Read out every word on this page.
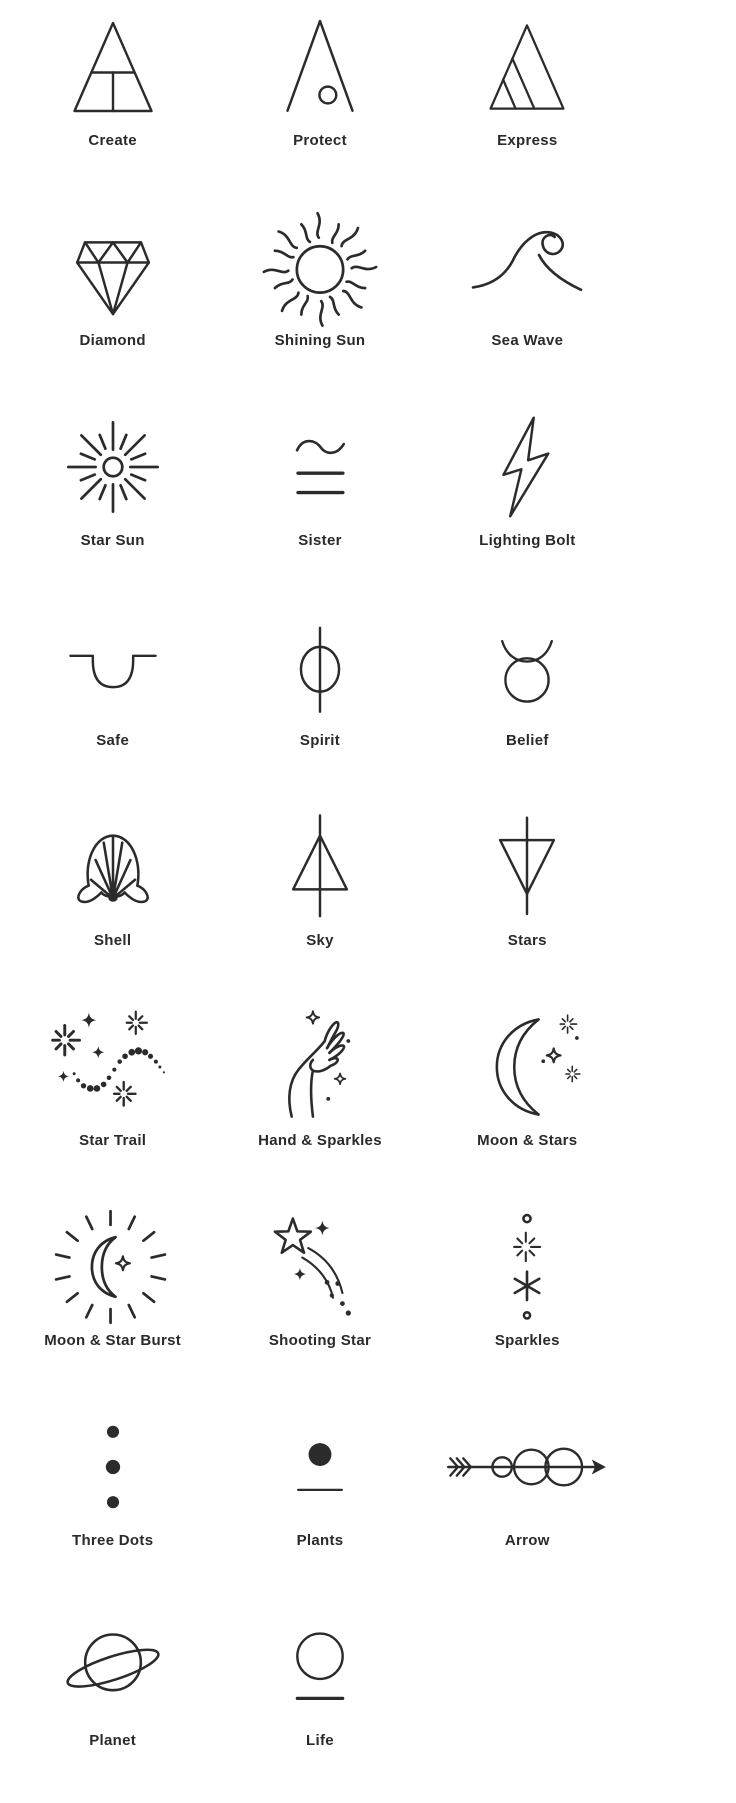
Create	Protect	Express
Diamond	Shining Sun	Sea Wave
Star Sun	Sister	Lighting Bolt
Safe	Spirit	Belief
Shell	Sky	Stars
Star Trail	Hand & Sparkles	Moon & Stars
Moon & Star Burst	Shooting Star	Sparkles
Three Dots	Plants	Arrow
Planet	Life
